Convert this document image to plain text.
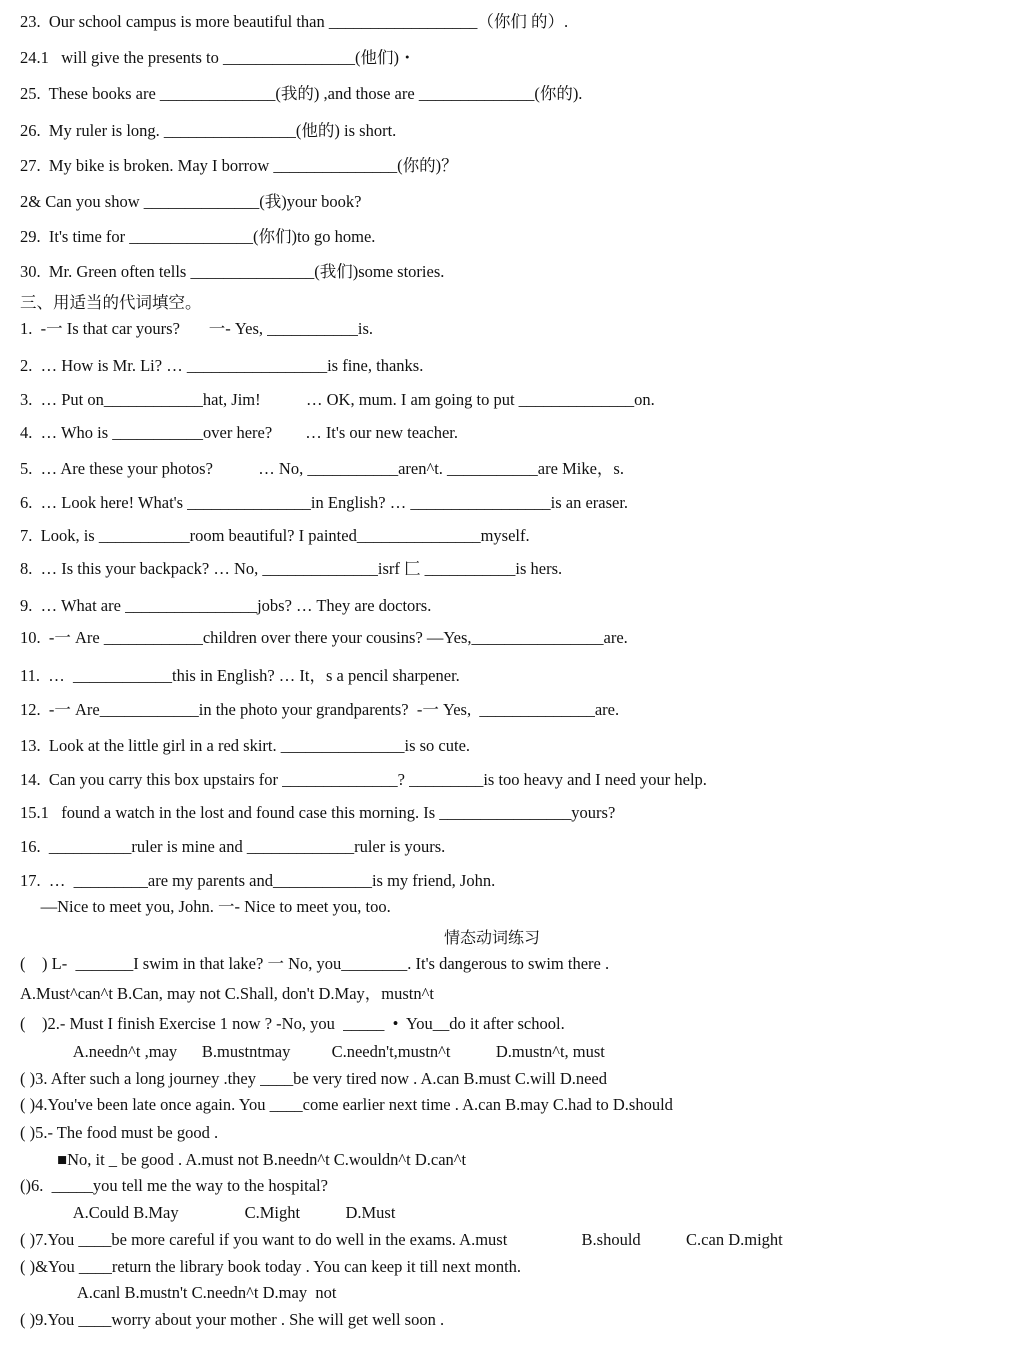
23.  Our school campus is more beautiful than __________________（你们 的）.
24.1   will give the presents to ________________(他们)・
25.  These books are ______________(我的) ,and those are ______________(你的).
26.  My ruler is long. ________________(他的) is short.
27.  My bike is broken. May I borrow _______________(你的)？
2& Can you show ______________(我)your book?
29.  It's time for _______________(你们)to go home.
30.  Mr. Green often tells _______________(我们)some stories.
三、用适当的代词填空。
1.  -一 Is that car yours?       一- Yes, ___________is.
2.  … How is Mr. Li? … _________________is fine, thanks.
3.  … Put on____________hat, Jim!           … OK, mum. I am going to put ______________on.
4.  … Who is ___________over here?        … It's our new teacher.
5.  … Are these your photos?           … No, ___________aren^t. ___________are Mike，s.
6.  … Look here! What's _______________in English? … _________________is an eraser.
7.  Look, is ___________room beautiful? I painted_______________myself.
8.  … Is this your backpack? … No, ______________isrf 匚 ___________is hers.
9.  … What are ________________jobs? … They are doctors.
10.  -一 Are ____________children over there your cousins? —Yes,________________are.
11.  …  ____________this in English? … It，s a pencil sharpener.
12.  -一 Are____________in the photo your grandparents?  -一 Yes,  ______________are.
13.  Look at the little girl in a red skirt. _______________is so cute.
14.  Can you carry this box upstairs for ______________? _________is too heavy and I need your help.
15.1   found a watch in the lost and found case this morning. Is ________________yours?
16.  __________ruler is mine and _____________ruler is yours.
17.  …  _________are my parents and____________is my friend, John.
—Nice to meet you, John. 一- Nice to meet you, too.
情态动词练习
(    ) L-  _______I swim in that lake? 一 No, you________. It's dangerous to swim there .
A.Must^can^t B.Can, may not C.Shall, don't D.May，mustn^t
(    )2.- Must I finish Exercise 1 now ? -No, you  _____  •  You__do it after school.
A.needn^t ,may      B.mustntmay          C.needn't,mustn^t           D.mustn^t, must
( )3. After such a long journey .they ____be very tired now . A.can B.must C.will D.need
( )4.You've been late once again. You ____come earlier next time . A.can B.may C.had to D.should
( )5.- The food must be good .
■No, it _ be good . A.must not B.needn^t C.wouldn^t D.can^t
()6.  _____you tell me the way to the hospital?
A.Could B.May                C.Might           D.Must
( )7.You ____be more careful if you want to do well in the exams. A.must                  B.should           C.can D.might
( )&You ____return the library book today . You can keep it till next month.
A.canl B.mustn't C.needn^t D.may  not
( )9.You ____worry about your mother . She will get well soon .
